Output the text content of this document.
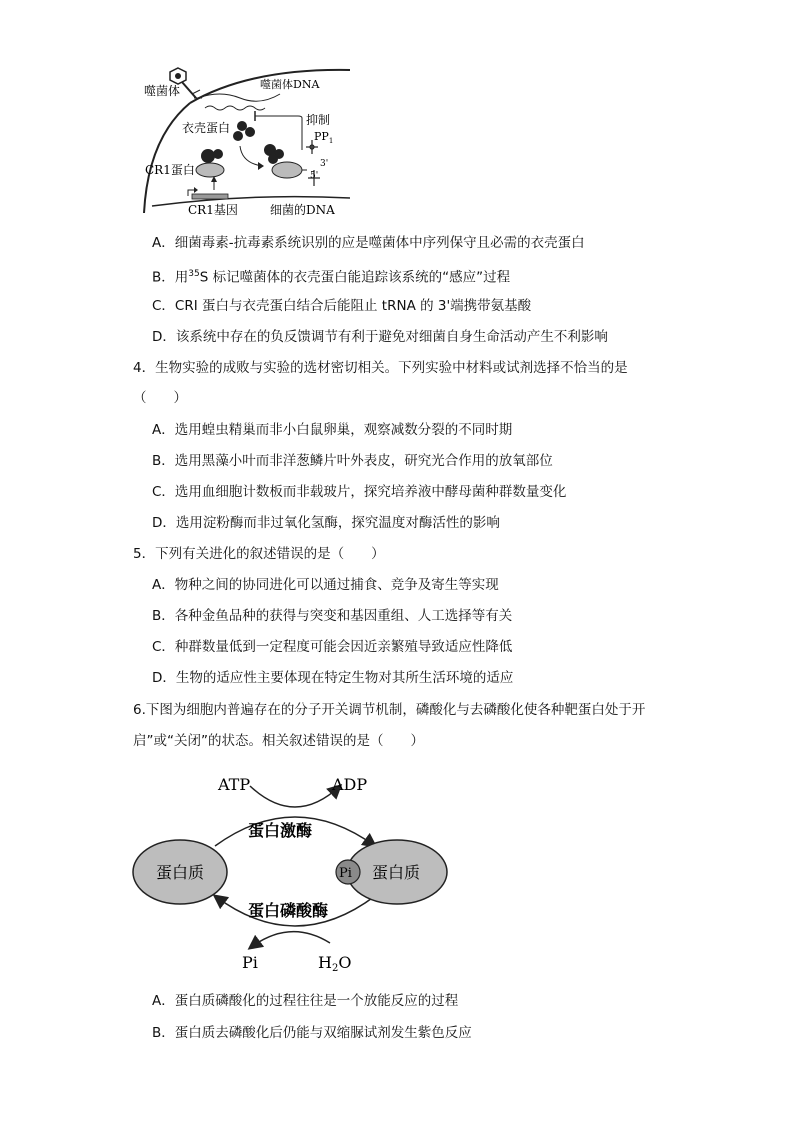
噬菌体	噬菌体DNA
衣壳蛋白
抑制
$PP_1$
5'
3'
CR1蛋白
CR1基因	细菌的DNA
A．细菌毒素-抗毒素系统识别的应是噬菌体中序列保守且必需的衣壳蛋白
B．用$^{35}$S 标记噬菌体的衣壳蛋白能追踪该系统的“感应”过程
C．CRI 蛋白与衣壳蛋白结合后能阻止 tRNA 的 3'端携带氨基酸
D．该系统中存在的负反馈调节有利于避免对细菌自身生命活动产生不利影响
4．生物实验的成败与实验的选材密切相关。下列实验中材料或试剂选择不恰当的是
（　　）
A．选用蝗虫精巢而非小白鼠卵巢，观察减数分裂的不同时期
B．选用黑藻小叶而非洋葱鳞片叶外表皮，研究光合作用的放氧部位
C．选用血细胞计数板而非载玻片，探究培养液中酵母菌种群数量变化
D．选用淀粉酶而非过氧化氢酶，探究温度对酶活性的影响
5．下列有关进化的叙述错误的是（　　）
A．物种之间的协同进化可以通过捕食、竞争及寄生等实现
B．各种金鱼品种的获得与突变和基因重组、人工选择等有关
C．种群数量低到一定程度可能会因近亲繁殖导致适应性降低
D．生物的适应性主要体现在特定生物对其所生活环境的适应
6.下图为细胞内普遍存在的分子开关调节机制，磷酸化与去磷酸化使各种靶蛋白处于开
启”或“关闭”的状态。相关叙述错误的是（　　）
ATP	ADP
蛋白激酶
蛋白磷酸酶
蛋白质	蛋白质
Pi
Pi	H2O
A．蛋白质磷酸化的过程往往是一个放能反应的过程
B．蛋白质去磷酸化后仍能与双缩脲试剂发生紫色反应
